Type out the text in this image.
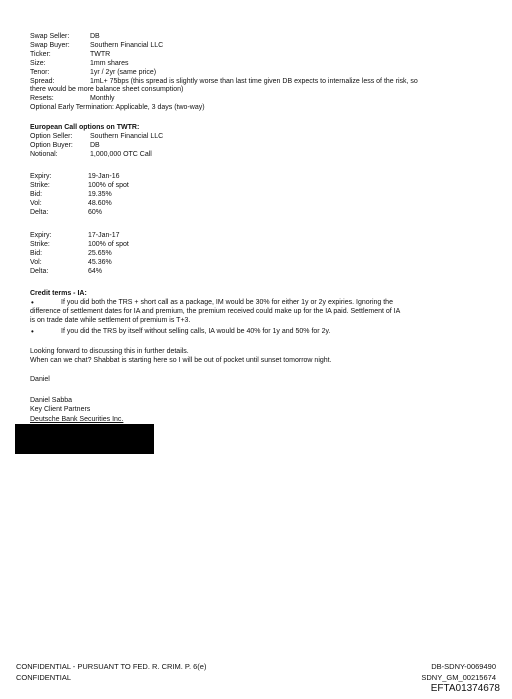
Swap Seller:	DB
Swap Buyer:	Southern Financial LLC
Ticker:	TWTR
Size:	1mm shares
Tenor:	1yr / 2yr (same price)
Spread:	1mL+ 75bps (this spread is slightly worse than last time given DB expects to internalize less of the risk, so
there would be more balance sheet consumption)
Resets:	Monthly
Optional Early Termination: Applicable, 3 days (two-way)
European Call options on TWTR:
Option Seller:	Southern Financial LLC
Option Buyer: DB
Notional:	1,000,000 OTC Call
Expiry:	19-Jan-16
Strike:	100% of spot
Bid:	19.35%
Vol:	48.60%
Delta:	60%
Expiry:	17-Jan-17
Strike:	100% of spot
Bid:	25.65%
Vol:	45.36%
Delta:	64%
Credit terms - IA:
•	If you did both the TRS + short call as a package, IM would be 30% for either 1y or 2y expiries. Ignoring the
difference of settlement dates for IA and premium, the premium received could make up for the IA paid. Settlement of IA
is on trade date while settlement of premium is T+3.
•	If you did the TRS by itself without selling calls, IA would be 40% for 1y and 50% for 2y.
Looking forward to discussing this in further details.
When can we chat? Shabbat is starting here so I will be out of pocket until sunset tomorrow night.
Daniel
Daniel Sabba
Key Client Partners
Deutsche Bank Securities Inc.
CONFIDENTIAL - PURSUANT TO FED. R. CRIM. P. 6(e)
CONFIDENTIAL
DB-SDNY-0069490
SDNY_GM_00215674
EFTA01374678
